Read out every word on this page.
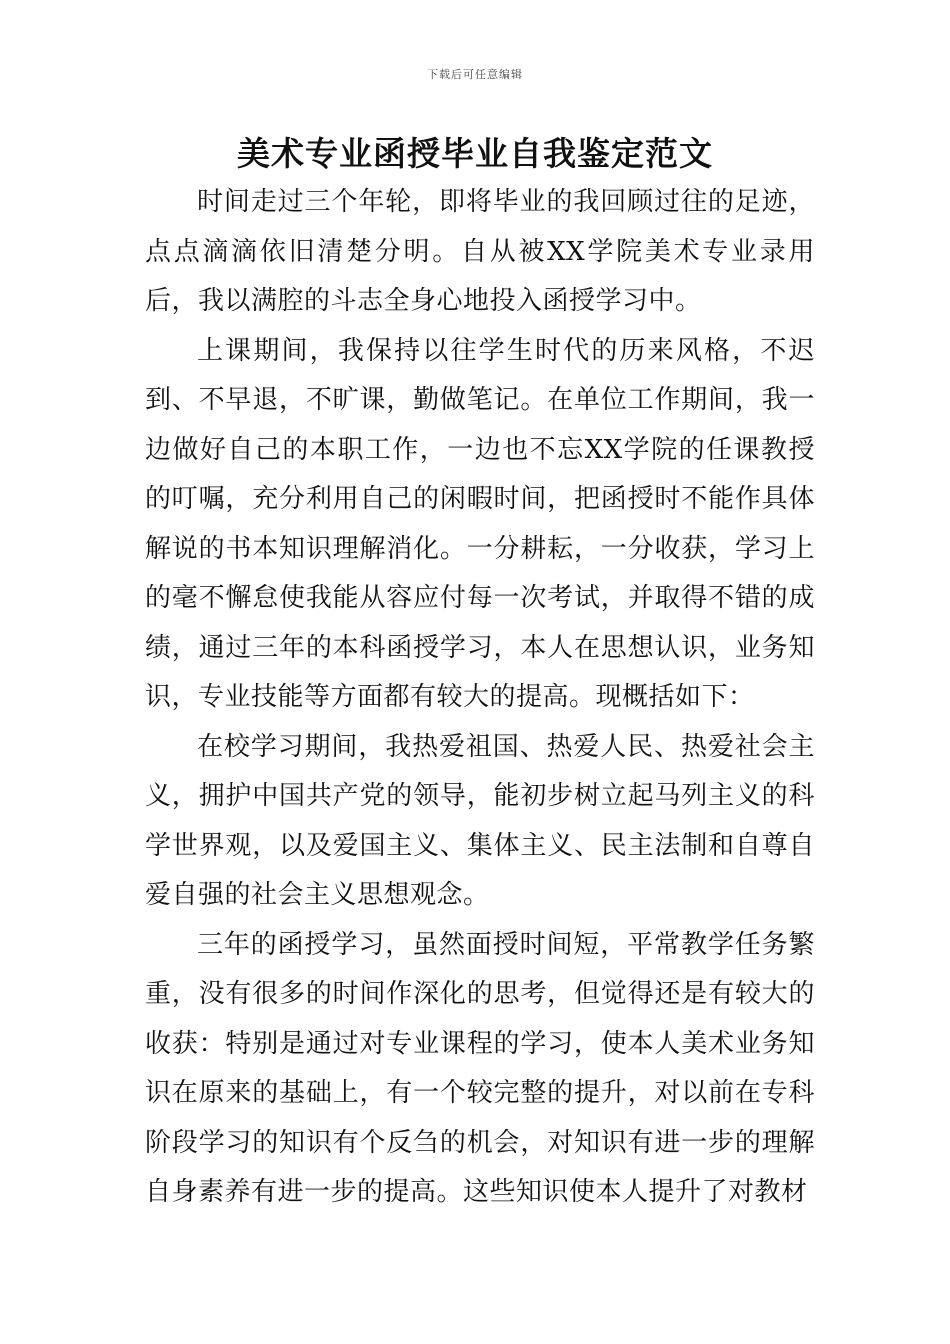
下载后可任意编辑
美术专业函授毕业自我鉴定范文

时间走过三个年轮，即将毕业的我回顾过往的足迹，点点滴滴依旧清楚分明。自从被XX学院美术专业录用后，我以满腔的斗志全身心地投入函授学习中。

上课期间，我保持以往学生时代的历来风格，不迟到、不早退，不旷课，勤做笔记。在单位工作期间，我一边做好自己的本职工作，一边也不忘XX学院的任课教授的叮嘱，充分利用自己的闲暇时间，把函授时不能作具体解说的书本知识理解消化。一分耕耘，一分收获，学习上的毫不懈怠使我能从容应付每一次考试，并取得不错的成绩，通过三年的本科函授学习，本人在思想认识，业务知识，专业技能等方面都有较大的提高。现概括如下：

在校学习期间，我热爱祖国、热爱人民、热爱社会主义，拥护中国共产党的领导，能初步树立起马列主义的科学世界观，以及爱国主义、集体主义、民主法制和自尊自爱自强的社会主义思想观念。

三年的函授学习，虽然面授时间短，平常教学任务繁重，没有很多的时间作深化的思考，但觉得还是有较大的收获：特别是通过对专业课程的学习，使本人美术业务知识在原来的基础上，有一个较完整的提升，对以前在专科阶段学习的知识有个反刍的机会，对知识有进一步的理解自身素养有进一步的提高。这些知识使本人提升了对教材
